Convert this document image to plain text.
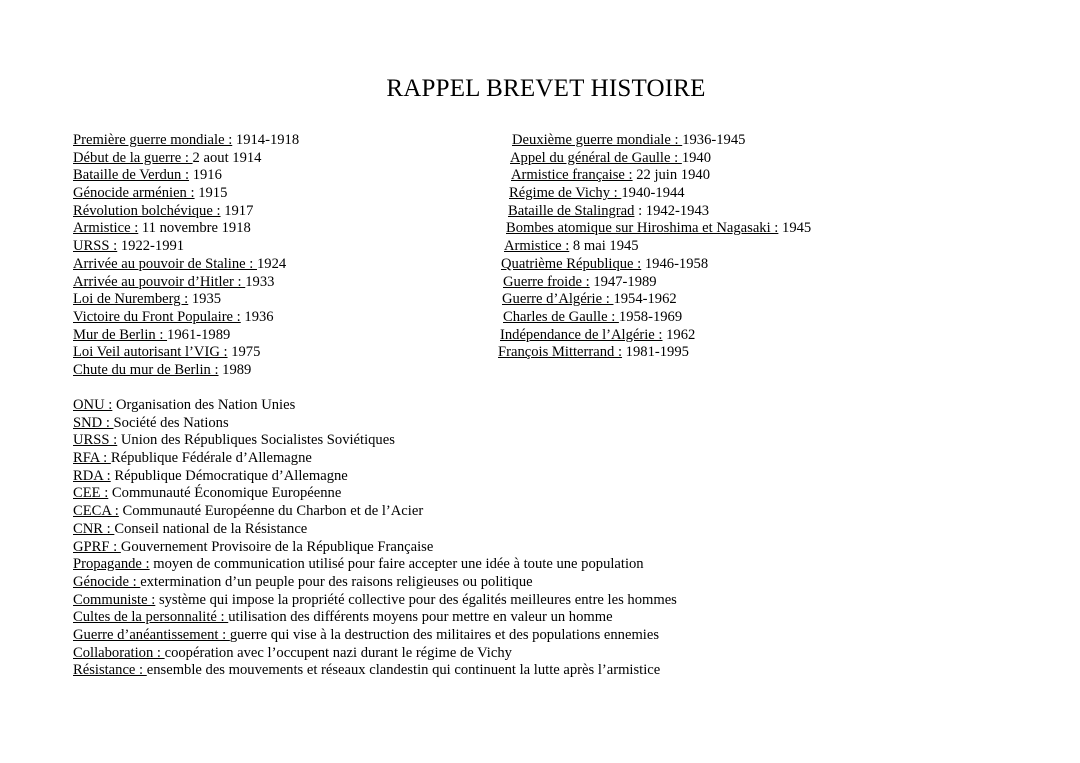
RAPPEL BREVET HISTOIRE
Première guerre mondiale : 1914-1918
Début de la guerre : 2 aout 1914
Bataille de Verdun : 1916
Génocide arménien : 1915
Révolution bolchévique : 1917
Armistice : 11 novembre 1918
URSS : 1922-1991
Arrivée au pouvoir de Staline : 1924
Arrivée au pouvoir d’Hitler : 1933
Loi de Nuremberg : 1935
Victoire du Front Populaire : 1936
Mur de Berlin : 1961-1989
Loi Veil autorisant l’VIG : 1975
Chute du mur de Berlin : 1989
Deuxième guerre mondiale : 1936-1945
Appel du général de Gaulle : 1940
Armistice française : 22 juin 1940
Régime de Vichy : 1940-1944
Bataille de Stalingrad : 1942-1943
Bombes atomique sur Hiroshima et Nagasaki : 1945
Armistice : 8 mai 1945
Quatrième République : 1946-1958
Guerre froide : 1947-1989
Guerre d’Algérie : 1954-1962
Charles de Gaulle : 1958-1969
Indépendance de l’Algérie : 1962
François Mitterrand : 1981-1995
ONU : Organisation des Nation Unies
SND : Société des Nations
URSS : Union des Républiques Socialistes Soviétiques
RFA : République Fédérale d’Allemagne
RDA : République Démocratique d’Allemagne
CEE : Communauté Économique Européenne
CECA : Communauté Européenne du Charbon et de l’Acier
CNR : Conseil national de la Résistance
GPRF : Gouvernement Provisoire de la République Française
Propagande : moyen de communication utilisé pour faire accepter une idée à toute une population
Génocide : extermination d’un peuple pour des raisons religieuses ou politique
Communiste : système qui impose la propriété collective pour des égalités meilleures entre les hommes
Cultes de la personnalité : utilisation des différents moyens pour mettre en valeur un homme
Guerre d’anéantissement : guerre qui vise à la destruction des militaires et des populations ennemies
Collaboration : coopération avec l’occupent nazi durant le régime de Vichy
Résistance : ensemble des mouvements et réseaux clandestin qui continuent la lutte après l’armistice
